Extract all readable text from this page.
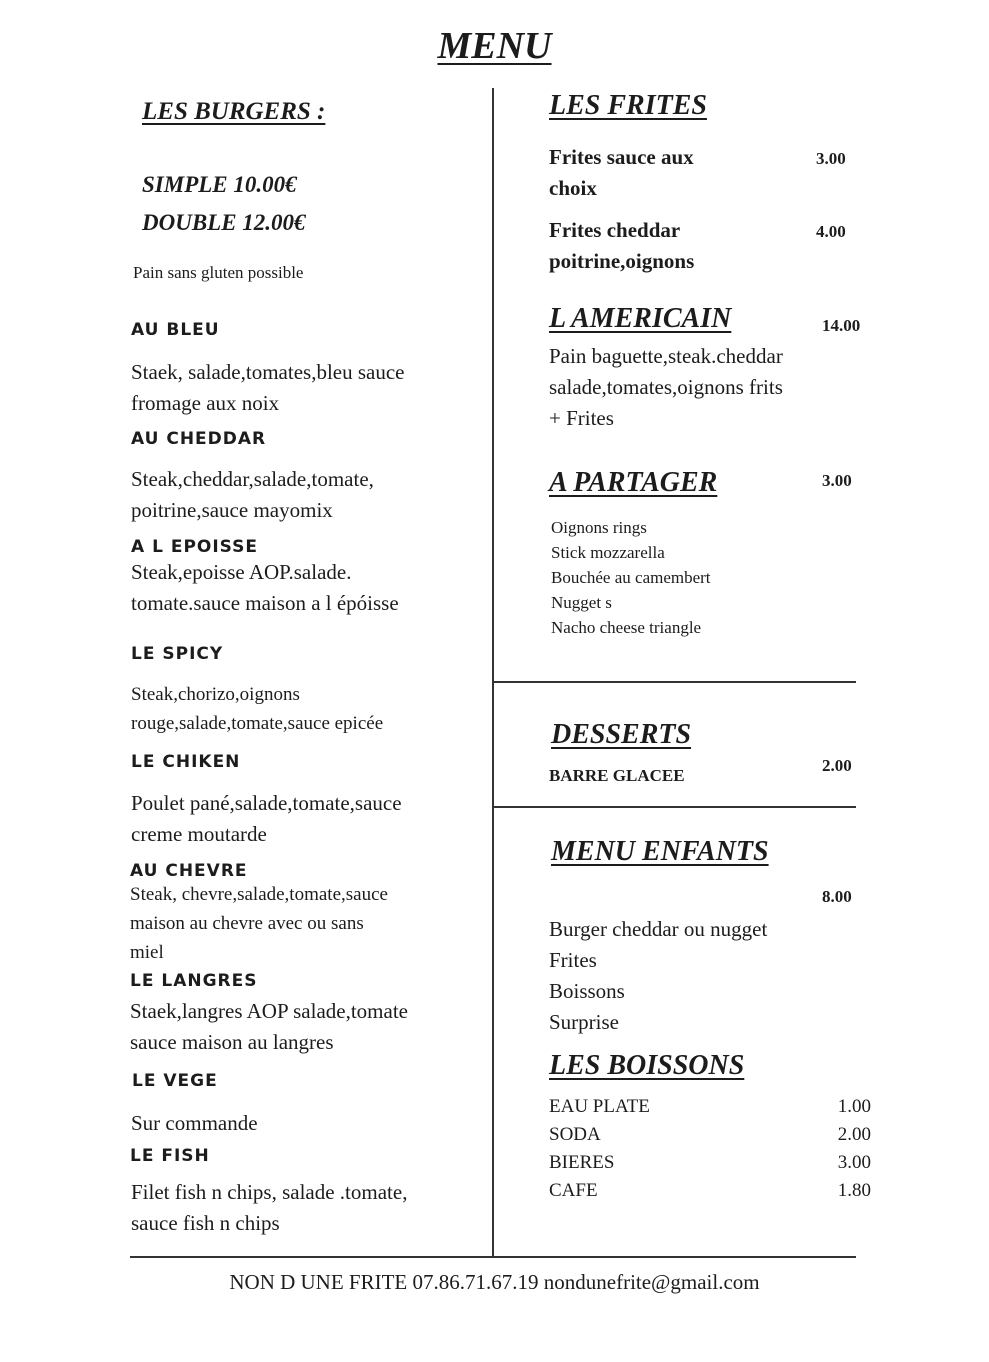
MENU
LES BURGERS :
SIMPLE 10.00€
DOUBLE 12.00€
Pain sans gluten possible
AU BLEU
Staek, salade,tomates,bleu sauce
fromage aux noix
AU CHEDDAR
Steak,cheddar,salade,tomate,
poitrine,sauce mayomix
A L EPOISSE
Steak,epoisse AOP.salade.
tomate.sauce maison a l épóisse
LE SPICY
Steak,chorizo,oignons
rouge,salade,tomate,sauce epicée
LE CHIKEN
Poulet pané,salade,tomate,sauce
creme moutarde
AU CHEVRE
Steak, chevre,salade,tomate,sauce
maison au chevre avec ou sans
miel
LE LANGRES
Staek,langres AOP salade,tomate
sauce maison au langres
LE VEGE
Sur commande
LE FISH
Filet fish n chips, salade .tomate,
sauce fish n chips
LES FRITES
Frites sauce aux
choix
3.00
Frites cheddar
poitrine,oignons
4.00
L AMERICAIN	14.00
Pain baguette,steak.cheddar
salade,tomates,oignons frits
+ Frites
A PARTAGER	3.00
Oignons rings
Stick mozzarella
Bouchée au camembert
Nugget s
Nacho cheese triangle
DESSERTS
BARRE GLACEE
2.00
MENU ENFANTS
8.00
Burger cheddar ou nugget
Frites
Boissons
Surprise
LES BOISSONS
EAU PLATE	1.00
SODA	2.00
BIERES	3.00
CAFE	1.80
NON D UNE FRITE 07.86.71.67.19 nondunefrite@gmail.com
